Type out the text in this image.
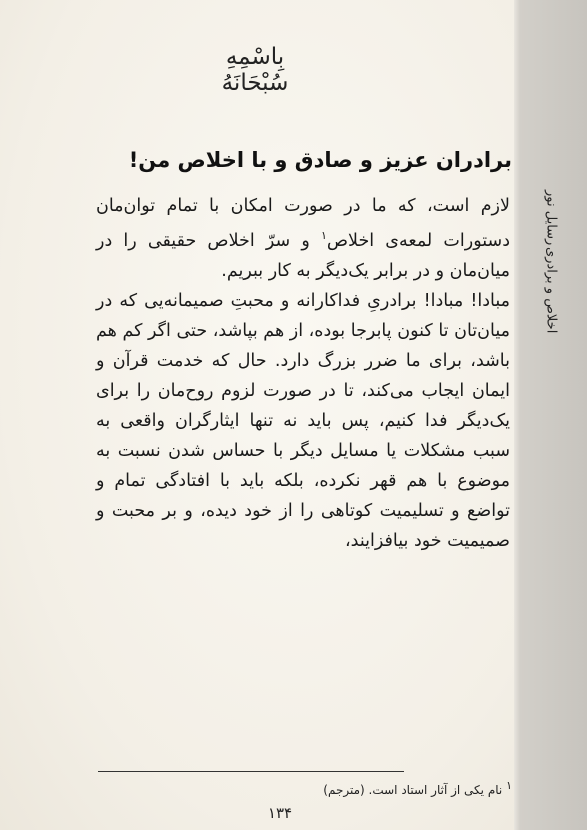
رسایل نور
اخلاص و برادری
بِاسْمِهِ سُبْحَانَهُ
برادران عزیز و صادق و با اخلاص من!

لازم است، که ما در صورت امکان با تمام توان‌مان دستورات لمعه‌ی اخلاص$^۱$ و سرّ اخلاص حقیقی را در میان‌مان و در برابر یک‌دیگر به کار ببریم.

مبادا! مبادا! برادریِ فداکارانه و محبتِ صمیمانه‌یی که در میان‌تان تا کنون پابرجا بوده، از هم بپاشد، حتی اگر کم هم باشد، برای ما ضرر بزرگ دارد. حال که خدمت قرآن و ایمان ایجاب می‌کند، تا در صورت لزوم روح‌مان را برای یک‌دیگر فدا کنیم، پس باید نه تنها ایثارگران واقعی به سبب مشکلات یا مسایل دیگر با حساس شدن نسبت به موضوع با هم قهر نکرده، بلکه باید با افتادگی تمام و تواضع و تسلیمیت کوتاهی را از خود دیده، و بر محبت و صمیمیت خود بیافزایند،

۱ نام یکی از آثار استاد است. (مترجم)
۱۳۴
